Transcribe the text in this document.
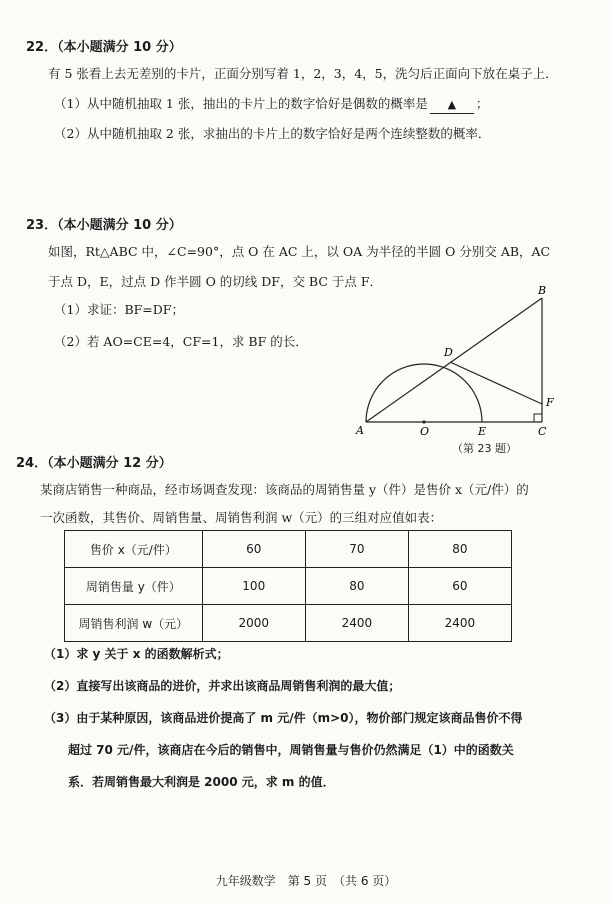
22．（本小题满分 10 分）
有 5 张看上去无差别的卡片，正面分别写着 1，2，3，4，5，洗匀后正面向下放在桌子上．
（1）从中随机抽取 1 张，抽出的卡片上的数字恰好是偶数的概率是 ▲ ；
（2）从中随机抽取 2 张，求抽出的卡片上的数字恰好是两个连续整数的概率．
23．（本小题满分 10 分）
如图，Rt△ABC 中，∠C=90°，点 O 在 AC 上，以 OA 为半径的半圆 O 分别交 AB，AC
于点 D，E，过点 D 作半圆 O 的切线 DF，交 BC 于点 F．
（1）求证：BF=DF；
（2）若 AO=CE=4，CF=1，求 BF 的长．
A
B
C
D
E
F
O
（第 23 题）
24．（本小题满分 12 分）
某商店销售一种商品，经市场调查发现：该商品的周销售量 y（件）是售价 x（元/件）的
一次函数，其售价、周销售量、周销售利润 w（元）的三组对应值如表：
售价 x（元/件）	60	70	80
周销售量 y（件）	100	80	60
周销售利润 w（元）	2000	2400	2400
（1）求 y 关于 x 的函数解析式；
（2）直接写出该商品的进价，并求出该商品周销售利润的最大值；
（3）由于某种原因，该商品进价提高了 m 元/件（m>0），物价部门规定该商品售价不得
超过 70 元/件，该商店在今后的销售中，周销售量与售价仍然满足（1）中的函数关
系．若周销售最大利润是 2000 元，求 m 的值．
九年级数学　第 5 页　（共 6 页）
